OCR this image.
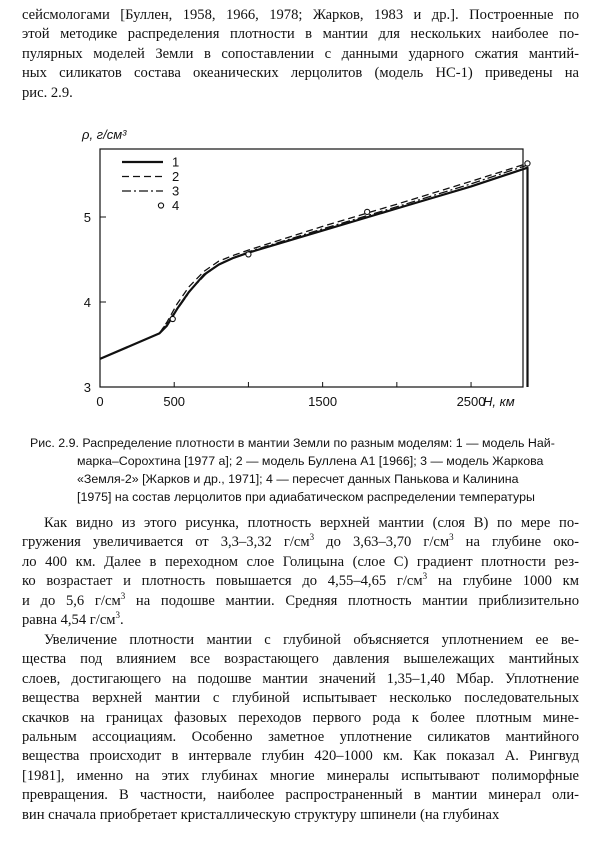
сейсмологами [Буллен, 1958, 1966, 1978; Жарков, 1983 и др.]. Построенные по
этой методике распределения плотности в мантии для нескольких наиболее по-
пулярных моделей Земли в сопоставлении с данными ударного сжатия мантий-
ных силикатов состава океанических лерцолитов (модель НС-1) приведены на
рис. 2.9.
0	500	1500	2500
3
4
5
ρ, г/см³
H, км
1
2
3
4
Рис. 2.9. Распределение плотности в мантии Земли по разным моделям: 1 — модель Най-
марка–Сорохтина [1977 а]; 2 — модель Буллена А1 [1966]; 3 — модель Жаркова
«Земля-2» [Жарков и др., 1971]; 4 — пересчет данных Панькова и Калинина
[1975] на состав лерцолитов при адиабатическом распределении температуры
Как видно из этого рисунка, плотность верхней мантии (слоя В) по мере по-
гружения увеличивается от 3,3–3,32 $г/см^3$ до 3,63–3,70 $г/см^3$ на глубине око-
ло 400 км. Далее в переходном слое Голицына (слое С) градиент плотности рез-
ко возрастает и плотность повышается до 4,55–4,65 $г/см^3$ на глубине 1000 км
и до 5,6 $г/см^3$ на подошве мантии. Средняя плотность мантии приблизительно
равна 4,54 $г/см^3$.
Увеличение плотности мантии с глубиной объясняется уплотнением ее ве-
щества под влиянием все возрастающего давления вышележащих мантийных
слоев, достигающего на подошве мантии значений 1,35–1,40 Мбар. Уплотнение
вещества верхней мантии с глубиной испытывает несколько последовательных
скачков на границах фазовых переходов первого рода к более плотным минe-
ральным ассоциациям. Особенно заметное уплотнение силикатов мантийного
вещества происходит в интервале глубин 420–1000 км. Как показал А. Рингвуд
[1981], именно на этих глубинах многие минералы испытывают полиморфные
превращения. В частности, наиболее распространенный в мантии минерал оли-
вин сначала приобретает кристаллическую структуру шпинели (на глубинах
